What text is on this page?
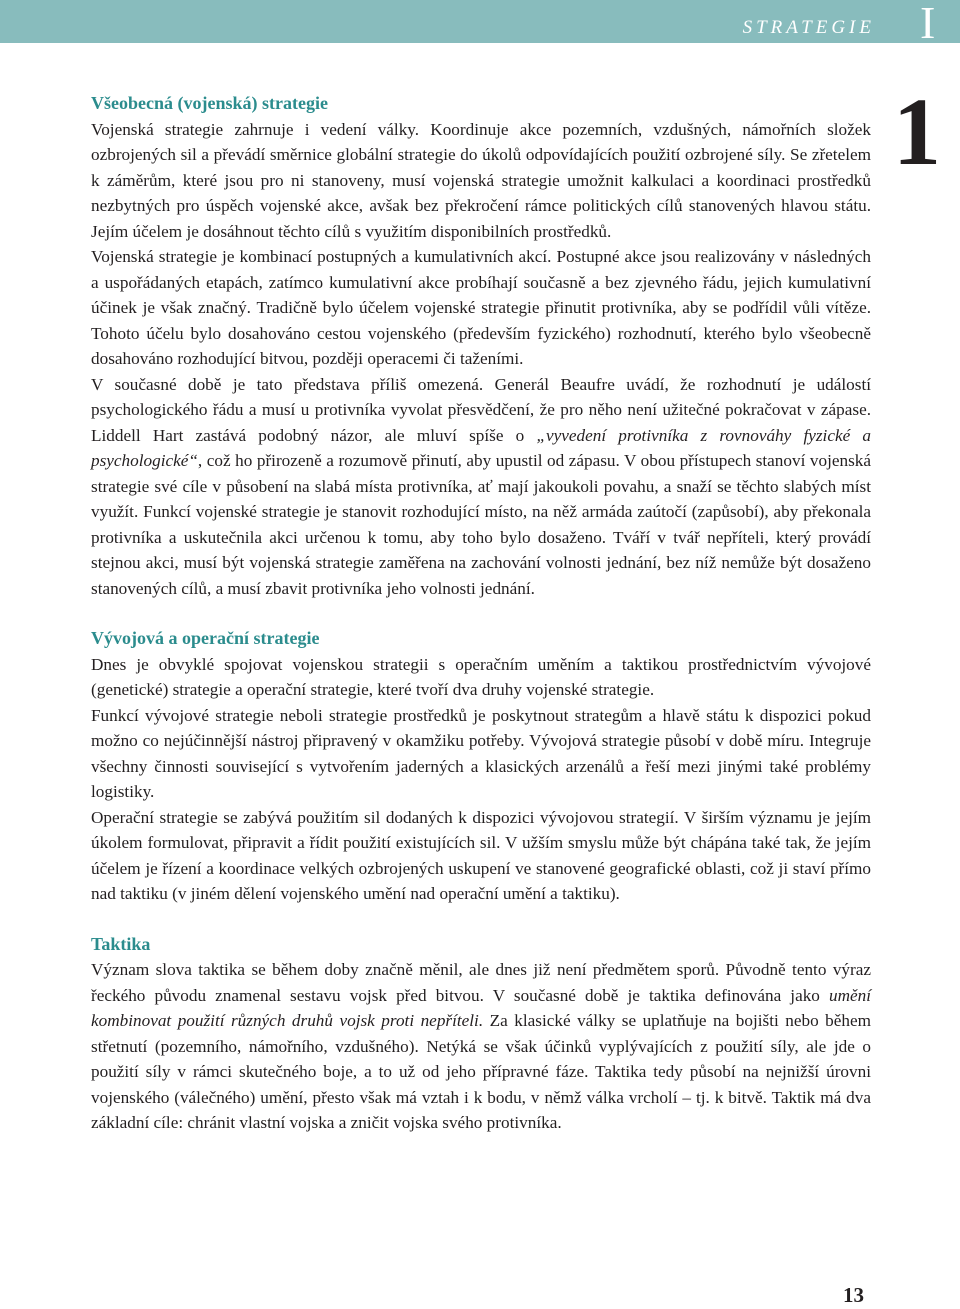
STRATEGIE I
1
Všeobecná (vojenská) strategie

Vojenská strategie zahrnuje i vedení války. Koordinuje akce pozemních, vzdušných, námořních složek ozbrojených sil a převádí směrnice globální strategie do úkolů odpovídajících použití ozbrojené síly. Se zřetelem k záměrům, které jsou pro ni stanoveny, musí vojenská strategie umožnit kalkulaci a koordinaci prostředků nezbytných pro úspěch vojenské akce, avšak bez překročení rámce politických cílů stanovených hlavou státu. Jejím účelem je dosáhnout těchto cílů s využitím disponibilních prostředků.

Vojenská strategie je kombinací postupných a kumulativních akcí. Postupné akce jsou realizovány v následných a uspořádaných etapách, zatímco kumulativní akce probíhají současně a bez zjevného řádu, jejich kumulativní účinek je však značný. Tradičně bylo účelem vojenské strategie přinutit protivníka, aby se podřídil vůli vítěze. Tohoto účelu bylo dosahováno cestou vojenského (především fyzického) rozhodnutí, kterého bylo všeobecně dosahováno rozhodující bitvou, později operacemi či taženími.

V současné době je tato představa příliš omezená. Generál Beaufre uvádí, že rozhodnutí je událostí psychologického řádu a musí u protivníka vyvolat přesvědčení, že pro něho není užitečné pokračovat v zápase. Liddell Hart zastává podobný názor, ale mluví spíše o „vyvedení protivníka z rovnováhy fyzické a psychologické“, což ho přirozeně a rozumově přinutí, aby upustil od zápasu. V obou přístupech stanoví vojenská strategie své cíle v působení na slabá místa protivníka, ať mají jakoukoli povahu, a snaží se těchto slabých míst využít. Funkcí vojenské strategie je stanovit rozhodující místo, na něž armáda zaútočí (zapůsobí), aby překonala protivníka a uskutečnila akci určenou k tomu, aby toho bylo dosaženo. Tváří v tvář nepříteli, který provádí stejnou akci, musí být vojenská strategie zaměřena na zachování volnosti jednání, bez níž nemůže být dosaženo stanovených cílů, a musí zbavit protivníka jeho volnosti jednání.

Vývojová a operační strategie

Dnes je obvyklé spojovat vojenskou strategii s operačním uměním a taktikou prostřednictvím vývojové (genetické) strategie a operační strategie, které tvoří dva druhy vojenské strategie.

Funkcí vývojové strategie neboli strategie prostředků je poskytnout strategům a hlavě státu k dispozici pokud možno co nejúčinnější nástroj připravený v okamžiku potřeby. Vývojová strategie působí v době míru. Integruje všechny činnosti související s vytvořením jaderných a klasických arzenálů a řeší mezi jinými také problémy logistiky.

Operační strategie se zabývá použitím sil dodaných k dispozici vývojovou strategií. V širším významu je jejím úkolem formulovat, připravit a řídit použití existujících sil. V užším smyslu může být chápána také tak, že jejím účelem je řízení a koordinace velkých ozbrojených uskupení ve stanovené geografické oblasti, což ji staví přímo nad taktiku (v jiném dělení vojenského umění nad operační umění a taktiku).

Taktika

Význam slova taktika se během doby značně měnil, ale dnes již není předmětem sporů. Původně tento výraz řeckého původu znamenal sestavu vojsk před bitvou. V současné době je taktika definována jako umění kombinovat použití různých druhů vojsk proti nepříteli. Za klasické války se uplatňuje na bojišti nebo během střetnutí (pozemního, námořního, vzdušného). Netýká se však účinků vyplývajících z použití síly, ale jde o použití síly v rámci skutečného boje, a to už od jeho přípravné fáze. Taktika tedy působí na nejnižší úrovni vojenského (válečného) umění, přesto však má vztah i k bodu, v němž válka vrcholí – tj. k bitvě. Taktik má dva základní cíle: chránit vlastní vojska a zničit vojska svého protivníka.

13
